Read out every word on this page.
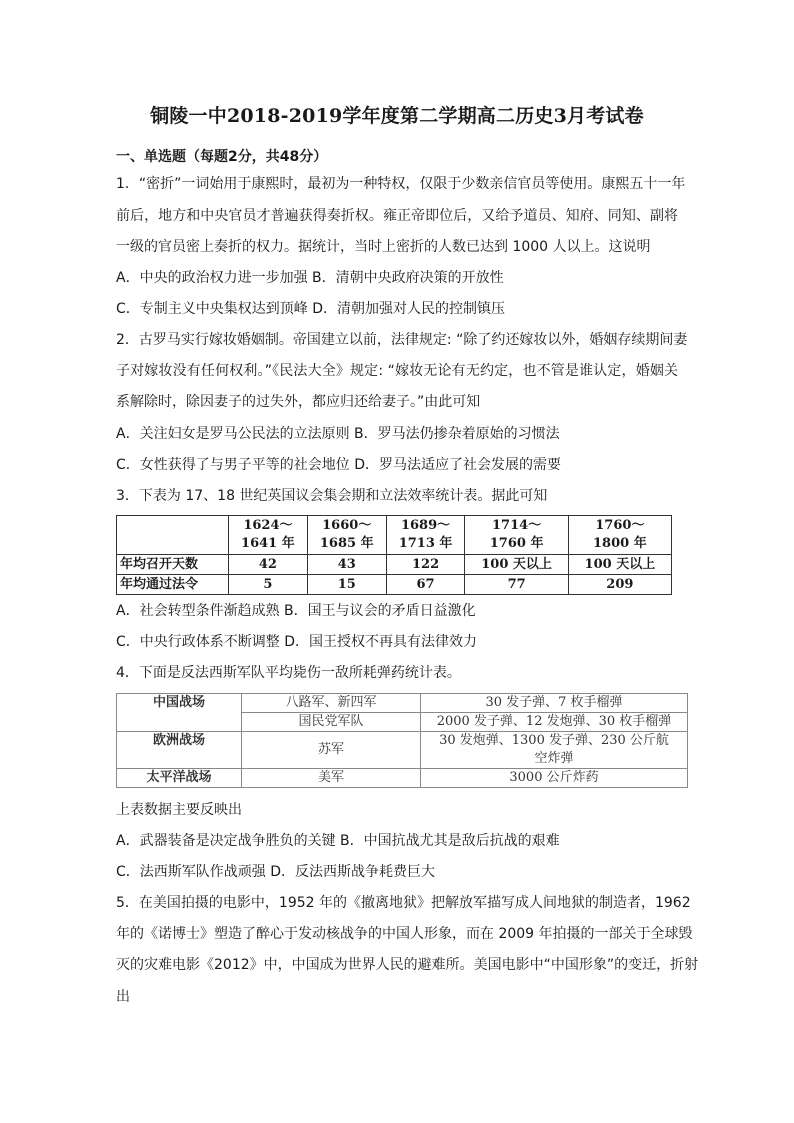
铜陵一中2018-2019学年度第二学期高二历史3月考试卷
一、单选题（每题2分，共48分）
1．“密折”一词始用于康熙时，最初为一种特权，仅限于少数亲信官员等使用。康熙五十一年
前后，地方和中央官员才普遍获得奏折权。雍正帝即位后，又给予道员、知府、同知、副将
一级的官员密上奏折的权力。据统计，当时上密折的人数已达到 1000 人以上。这说明
A．中央的政治权力进一步加强 B．清朝中央政府决策的开放性
C．专制主义中央集权达到顶峰 D．清朝加强对人民的控制镇压
2．古罗马实行嫁妆婚姻制。帝国建立以前，法律规定: “除了约还嫁妆以外，婚姻存续期间妻
子对嫁妆没有任何权利。”《民法大全》规定: “嫁妆无论有无约定，也不管是谁认定，婚姻关
系解除时，除因妻子的过失外，都应归还给妻子。”由此可知
A．关注妇女是罗马公民法的立法原则 B．罗马法仍掺杂着原始的习惯法
C．女性获得了与男子平等的社会地位 D．罗马法适应了社会发展的需要
3．下表为 17、18 世纪英国议会集会期和立法效率统计表。据此可知
	1624～
1641 年	1660～
1685 年	1689～
1713 年	1714～
1760 年	1760～
1800 年
年均召开天数	42	43	122	100 天以上	100 天以上
年均通过法令	5	15	67	77	209
A．社会转型条件渐趋成熟 B．国王与议会的矛盾日益激化
C．中央行政体系不断调整 D．国王授权不再具有法律效力
4．下面是反法西斯军队平均毙伤一敌所耗弹药统计表。
中国战场	八路军、新四军	30 发子弹、7 枚手榴弹
	国民党军队	2000 发子弹、12 发炮弹、30 枚手榴弹
欧洲战场	苏军	30 发炮弹、1300 发子弹、230 公斤航
空炸弹
太平洋战场	美军	3000 公斤炸药
上表数据主要反映出
A．武器装备是决定战争胜负的关键 B．中国抗战尤其是敌后抗战的艰难
C．法西斯军队作战顽强 D．反法西斯战争耗费巨大
5．在美国拍摄的电影中，1952 年的《撤离地狱》把解放军描写成人间地狱的制造者，1962
年的《诺博士》塑造了醉心于发动核战争的中国人形象，而在 2009 年拍摄的一部关于全球毁
灭的灾难电影《2012》中，中国成为世界人民的避难所。美国电影中“中国形象”的变迁，折射
出
